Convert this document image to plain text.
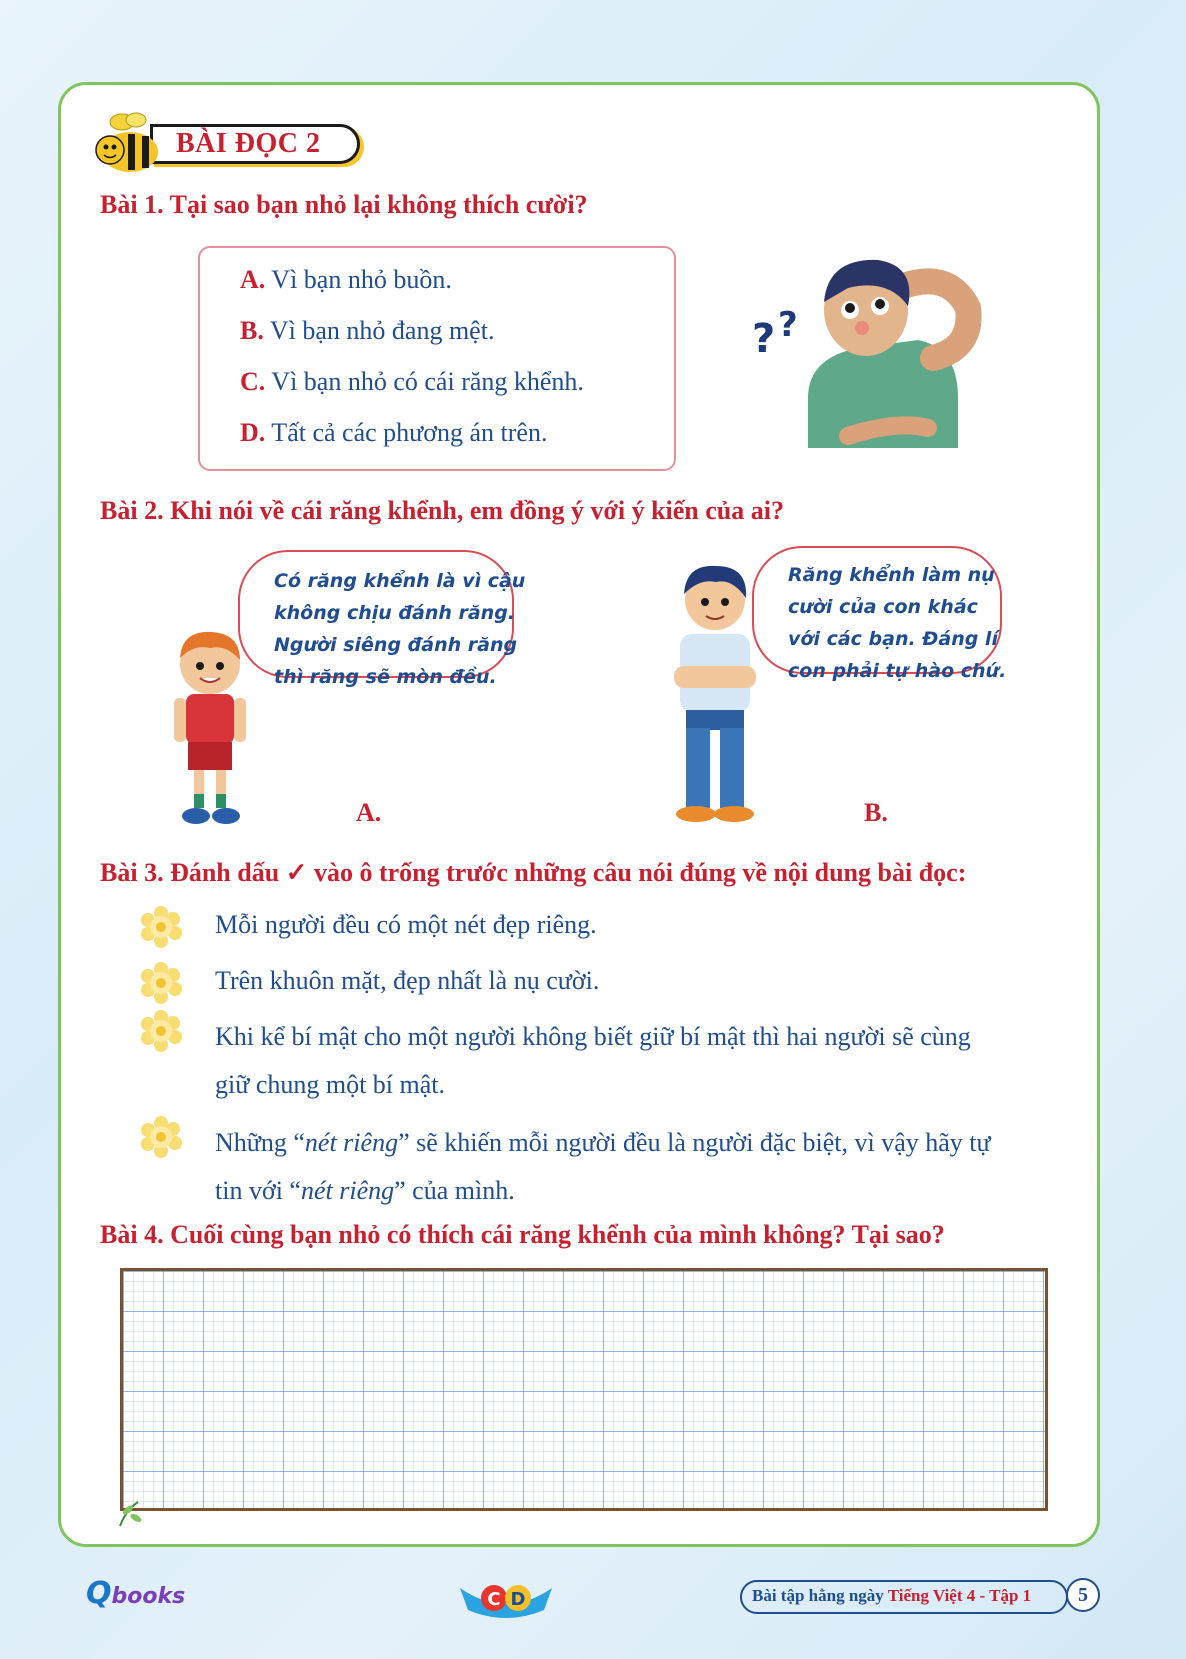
BÀI ĐỌC 2
Bài 1. Tại sao bạn nhỏ lại không thích cười?
A. Vì bạn nhỏ buồn.
B. Vì bạn nhỏ đang mệt.
C. Vì bạn nhỏ có cái răng khểnh.
D. Tất cả các phương án trên.
? ?
Bài 2. Khi nói về cái răng khểnh, em đồng ý với ý kiến của ai?
Có răng khểnh là vì cậu
không chịu đánh răng.
Người siêng đánh răng
thì răng sẽ mòn đều.
Răng khểnh làm nụ
cười của con khác
với các bạn. Đáng lí
con phải tự hào chứ.
A.	B.
Bài 3. Đánh dấu ✓ vào ô trống trước những câu nói đúng về nội dung bài đọc:
Mỗi người đều có một nét đẹp riêng.
Trên khuôn mặt, đẹp nhất là nụ cười.
Khi kể bí mật cho một người không biết giữ bí mật thì hai người sẽ cùng
giữ chung một bí mật.
Những “nét riêng” sẽ khiến mỗi người đều là người đặc biệt, vì vậy hãy tự
tin với “nét riêng” của mình.
Bài 4. Cuối cùng bạn nhỏ có thích cái răng khểnh của mình không? Tại sao?
Qbooks	C D	Bài tập hằng ngày Tiếng Việt 4 - Tập 1	5
